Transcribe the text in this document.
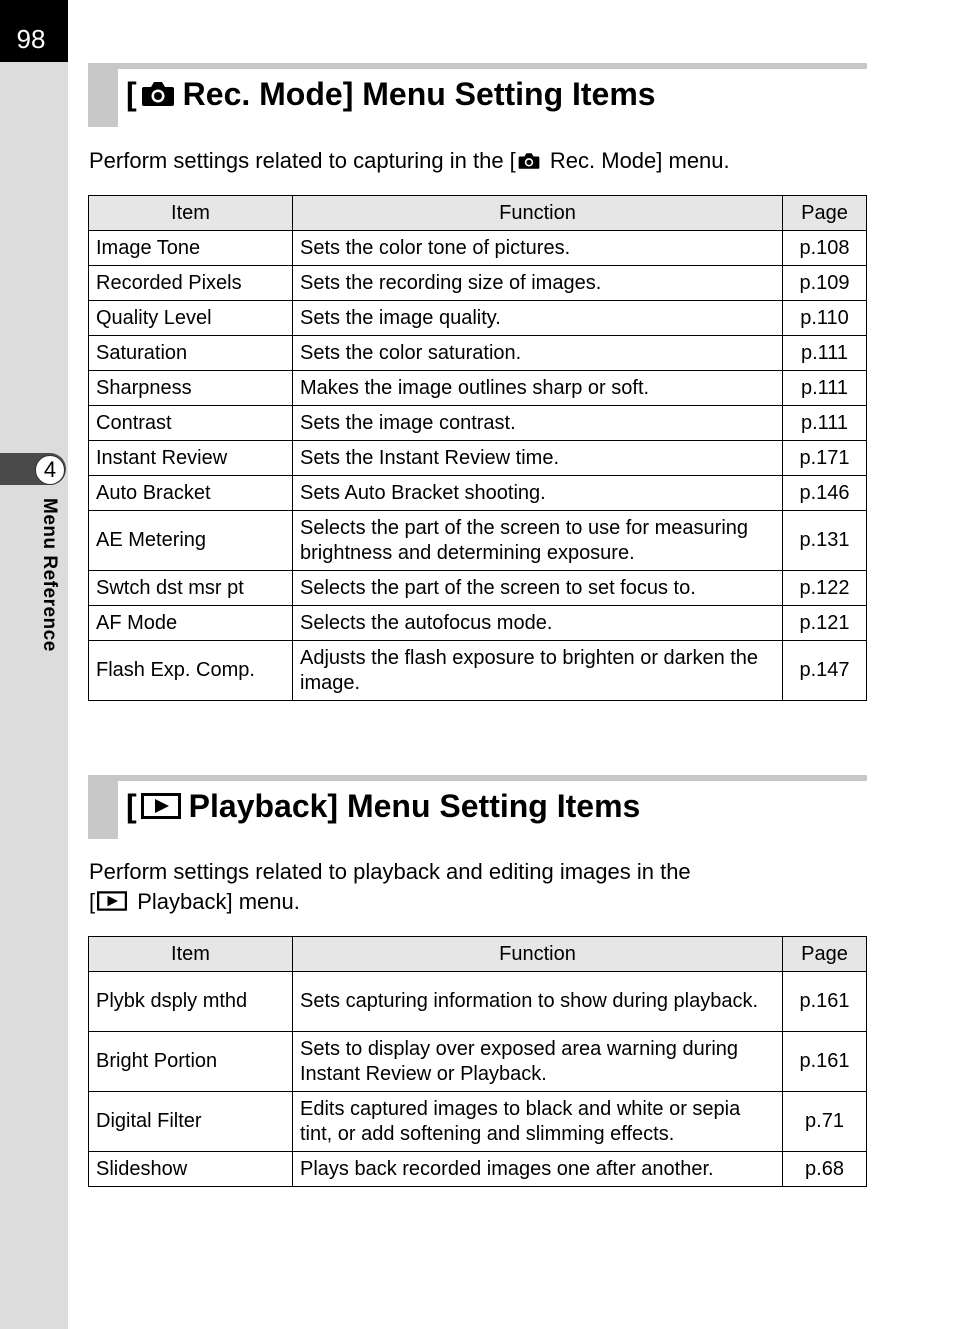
98
4
Menu Reference
[ Rec. Mode] Menu Setting Items
Perform settings related to capturing in the [
Rec. Mode] menu.
Item	Function	Page
Image Tone	Sets the color tone of pictures.	p.108
Recorded Pixels	Sets the recording size of images.	p.109
Quality Level	Sets the image quality.	p.110
Saturation	Sets the color saturation.	p.111
Sharpness	Makes the image outlines sharp or soft.	p.111
Contrast	Sets the image contrast.	p.111
Instant Review	Sets the Instant Review time.	p.171
Auto Bracket	Sets Auto Bracket shooting.	p.146
AE Metering	Selects the part of the screen to use for measuring brightness and determining exposure.	p.131
Swtch dst msr pt	Selects the part of the screen to set focus to.	p.122
AF Mode	Selects the autofocus mode.	p.121
Flash Exp. Comp.	Adjusts the flash exposure to brighten or darken the image.	p.147
[ Playback] Menu Setting Items
Perform settings related to playback and editing images in the
[
Playback] menu.
Item	Function	Page
Plybk dsply mthd	Sets capturing information to show during playback.	p.161
Bright Portion	Sets to display over exposed area warning during Instant Review or Playback.	p.161
Digital Filter	Edits captured images to black and white or sepia tint, or add softening and slimming effects.	p.71
Slideshow	Plays back recorded images one after another.	p.68
